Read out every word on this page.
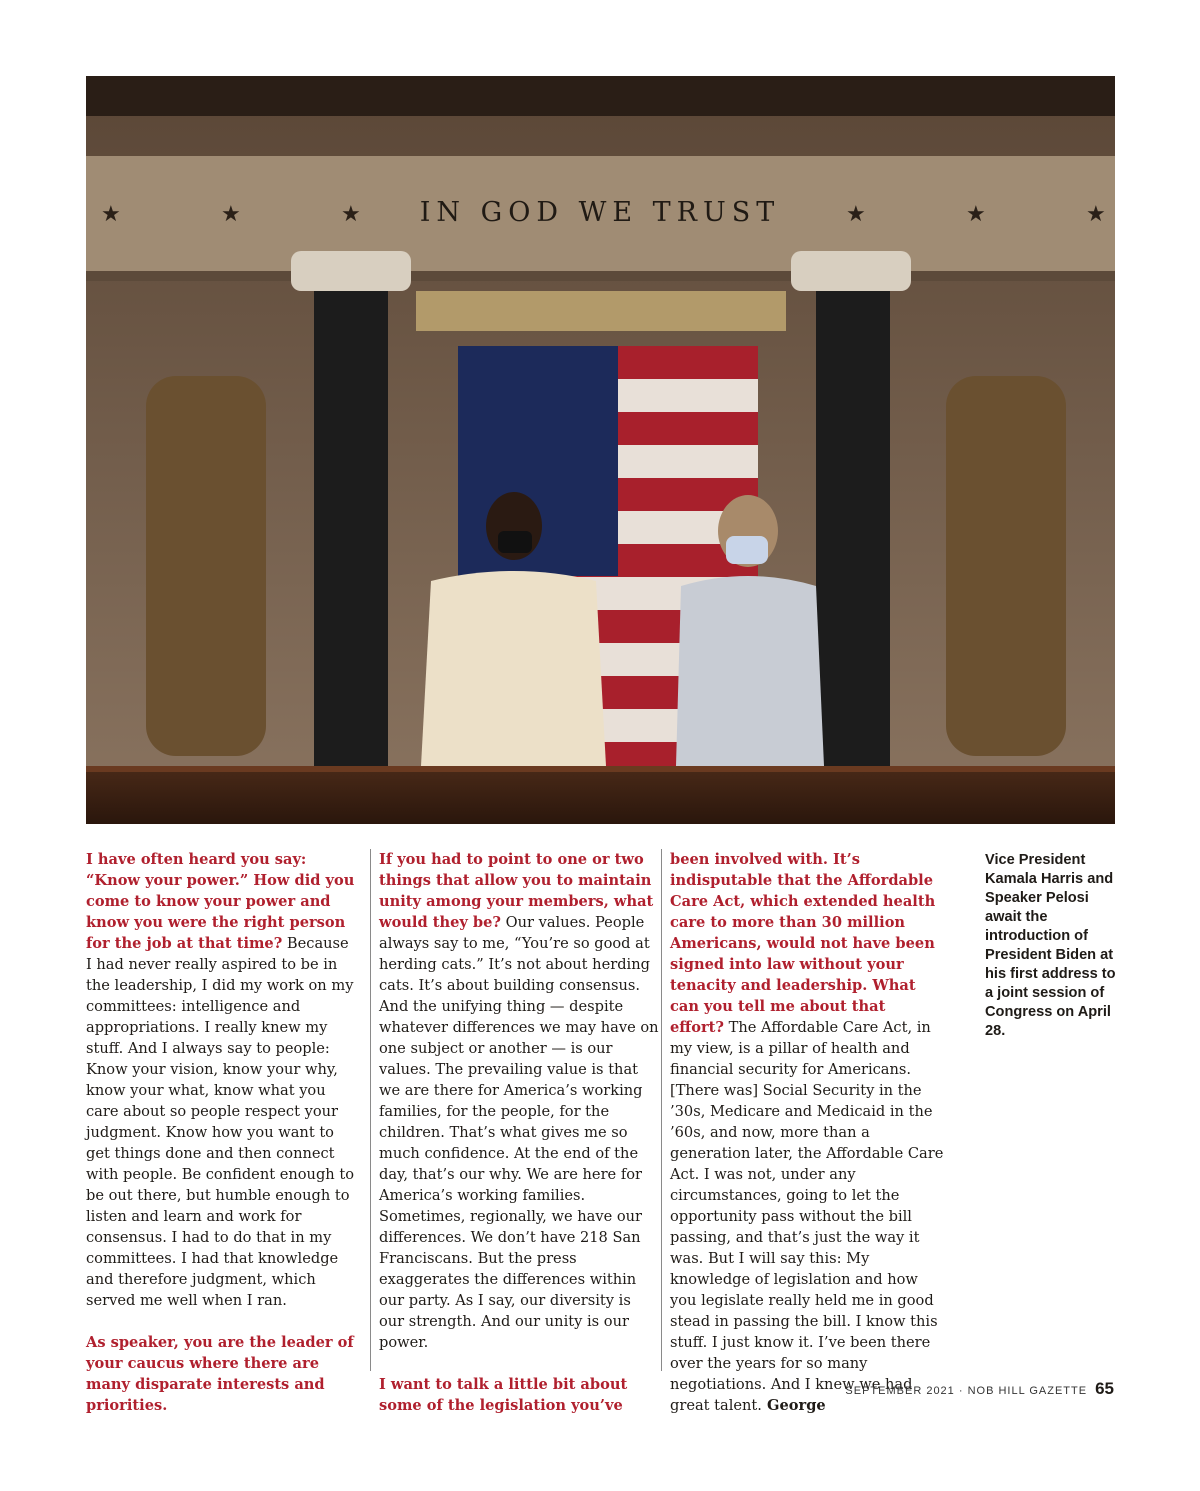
IN GOD WE TRUST
★	★	★	★	★	★

I have often heard you say: “Know your power.” How did you come to know your power and know you were the right person for the job at that time? Because I had never really aspired to be in the leadership, I did my work on my committees: intelligence and appropriations. I really knew my stuff. And I always say to people: Know your vision, know your why, know your what, know what you care about so people respect your judgment. Know how you want to get things done and then connect with people. Be confident enough to be out there, but humble enough to listen and learn and work for consensus. I had to do that in my committees. I had that knowledge and therefore judgment, which served me well when I ran.

As speaker, you are the leader of your caucus where there are many disparate interests and priorities.

If you had to point to one or two things that allow you to maintain unity among your members, what would they be? Our values. People always say to me, “You’re so good at herding cats.” It’s not about herding cats. It’s about building consensus. And the unifying thing — despite whatever differences we may have on one subject or another — is our values. The prevailing value is that we are there for America’s working families, for the people, for the children. That’s what gives me so much confidence. At the end of the day, that’s our why. We are here for America’s working families. Sometimes, regionally, we have our differences. We don’t have 218 San Franciscans. But the press exaggerates the differences within our party. As I say, our diversity is our strength. And our unity is our power.

I want to talk a little bit about some of the legislation you’ve

been involved with. It’s indisputable that the Affordable Care Act, which extended health care to more than 30 million Americans, would not have been signed into law without your tenacity and leadership. What can you tell me about that effort? The Affordable Care Act, in my view, is a pillar of health and financial security for Americans. [There was] Social Security in the ’30s, Medicare and Medicaid in the ’60s, and now, more than a generation later, the Affordable Care Act. I was not, under any circumstances, going to let the opportunity pass without the bill passing, and that’s just the way it was. But I will say this: My knowledge of legislation and how you legislate really held me in good stead in passing the bill. I know this stuff. I just know it. I’ve been there over the years for so many negotiations. And I knew we had great talent. George

Vice President Kamala Harris and Speaker Pelosi await the introduction of President Biden at his first address to a joint session of Congress on April 28.
SEPTEMBER 2021 · NOB HILL GAZETTE 65
